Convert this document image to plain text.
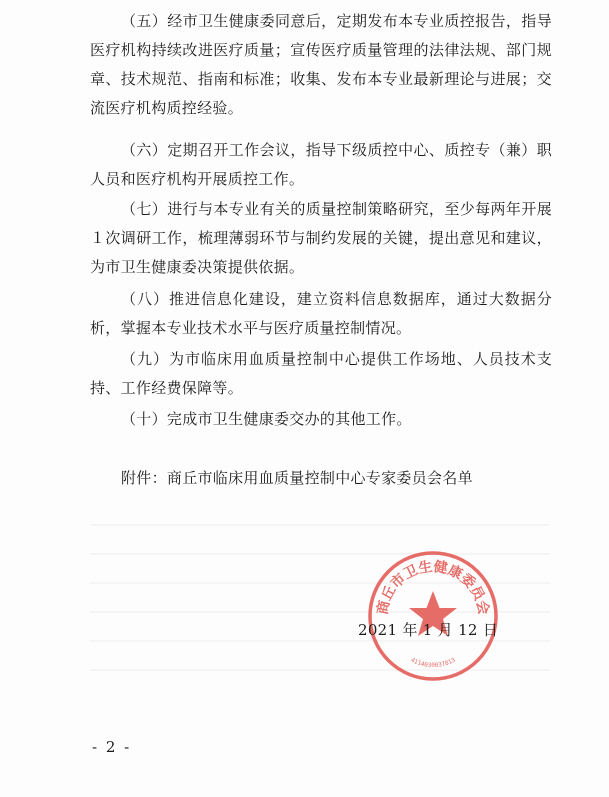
（五）经市卫生健康委同意后，定期发布本专业质控报告，指导医疗机构持续改进医疗质量；宣传医疗质量管理的法律法规、部门规章、技术规范、指南和标准；收集、发布本专业最新理论与进展；交流医疗机构质控经验。

（六）定期召开工作会议，指导下级质控中心、质控专（兼）职人员和医疗机构开展质控工作。

（七）进行与本专业有关的质量控制策略研究，至少每两年开展１次调研工作，梳理薄弱环节与制约发展的关键，提出意见和建议，为市卫生健康委决策提供依据。

（八）推进信息化建设，建立资料信息数据库，通过大数据分析，掌握本专业技术水平与医疗质量控制情况。

（九）为市临床用血质量控制中心提供工作场地、人员技术支持、工作经费保障等。

（十）完成市卫生健康委交办的其他工作。

附件：商丘市临床用血质量控制中心专家委员会名单

商丘市卫生健康委员会
4114030037813

2021 年 1 月 12 日

- 2 -
